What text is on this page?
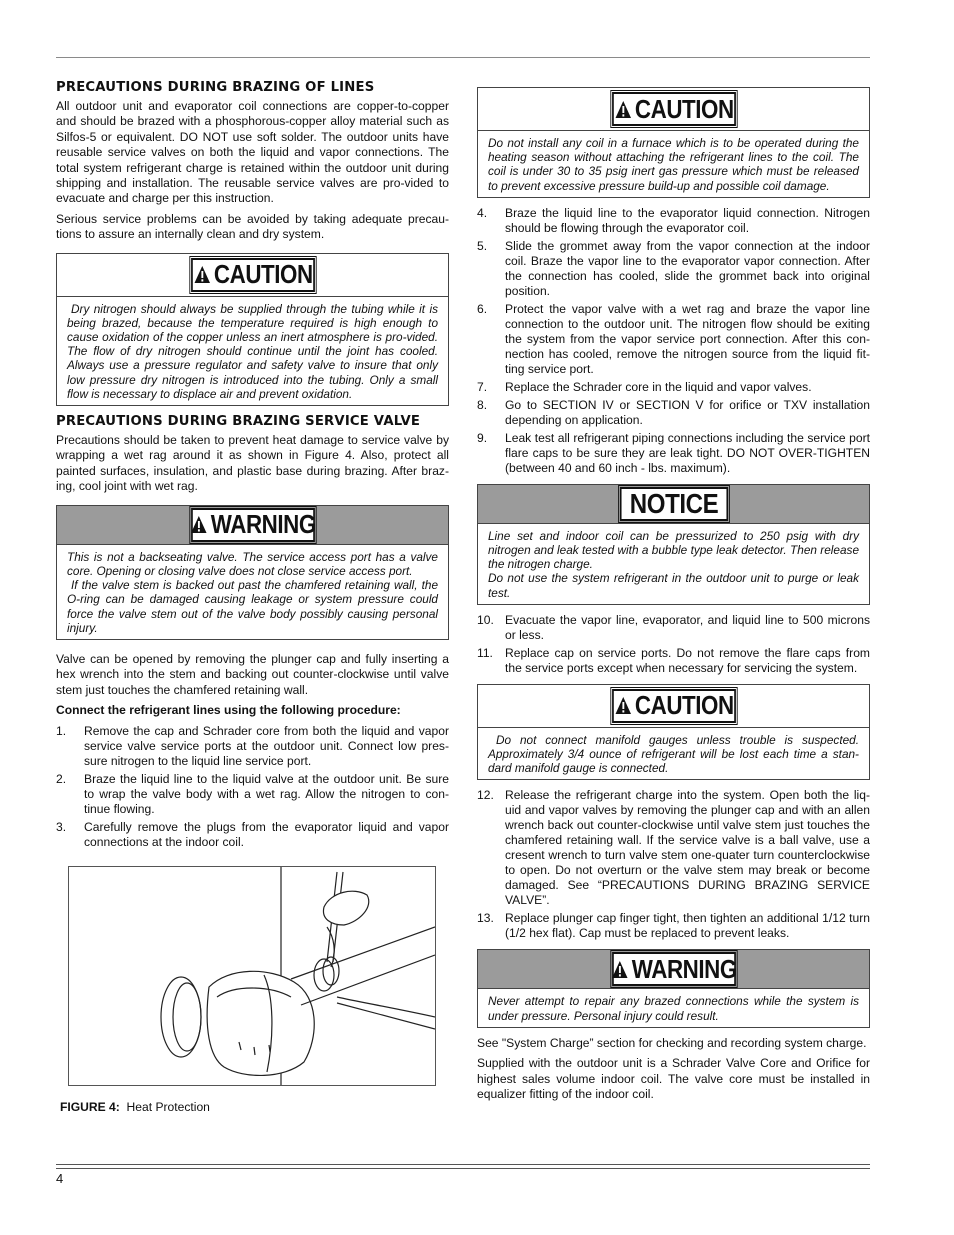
PRECAUTIONS DURING BRAZING OF LINES

All outdoor unit and evaporator coil connections are copper-to-copper and should be brazed with a phosphorous-copper alloy material such as Silfos-5 or equivalent. DO NOT use soft solder. The outdoor units have reusable service valves on both the liquid and vapor connections. The total system refrigerant charge is retained within the outdoor unit during shipping and installation. The reusable service valves are pro-vided to evacuate and charge per this instruction.

Serious service problems can be avoided by taking adequate precau-tions to assure an internally clean and dry system.

CAUTION

Dry nitrogen should always be supplied through the tubing while it is being brazed, because the temperature required is high enough to cause oxidation of the copper unless an inert atmosphere is pro-vided. The flow of dry nitrogen should continue until the joint has cooled. Always use a pressure regulator and safety valve to insure that only low pressure dry nitrogen is introduced into the tubing. Only a small flow is necessary to displace air and prevent oxidation.

PRECAUTIONS DURING BRAZING SERVICE VALVE

Precautions should be taken to prevent heat damage to service valve by wrapping a wet rag around it as shown in Figure 4. Also, protect all painted surfaces, insulation, and plastic base during brazing. After braz-ing, cool joint with wet rag.

WARNING

This is not a backseating valve. The service access port has a valve core. Opening or closing valve does not close service access port.

If the valve stem is backed out past the chamfered retaining wall, the O-ring can be damaged causing leakage or system pressure could force the valve stem out of the valve body possibly causing personal injury.

Valve can be opened by removing the plunger cap and fully inserting a hex wrench into the stem and backing out counter-clockwise until valve stem just touches the chamfered retaining wall.

Connect the refrigerant lines using the following procedure:

1. Remove the cap and Schrader core from both the liquid and vapor service valve service ports at the outdoor unit. Connect low pres-sure nitrogen to the liquid line service port.
2. Braze the liquid line to the liquid valve at the outdoor unit. Be sure to wrap the valve body with a wet rag. Allow the nitrogen to con-tinue flowing.
3. Carefully remove the plugs from the evaporator liquid and vapor connections at the indoor coil.
FIGURE 4: Heat Protection
CAUTION

Do not install any coil in a furnace which is to be operated during the heating season without attaching the refrigerant lines to the coil. The coil is under 30 to 35 psig inert gas pressure which must be released to prevent excessive pressure build-up and possible coil damage.

4. Braze the liquid line to the evaporator liquid connection. Nitrogen should be flowing through the evaporator coil.
5. Slide the grommet away from the vapor connection at the indoor coil. Braze the vapor line to the evaporator vapor connection. After the connection has cooled, slide the grommet back into original position.
6. Protect the vapor valve with a wet rag and braze the vapor line connection to the outdoor unit. The nitrogen flow should be exiting the system from the vapor service port connection. After this con-nection has cooled, remove the nitrogen source from the liquid fit-ting service port.
7. Replace the Schrader core in the liquid and vapor valves.
8. Go to SECTION IV or SECTION V for orifice or TXV installation depending on application.
9. Leak test all refrigerant piping connections including the service port flare caps to be sure they are leak tight. DO NOT OVER-TIGHTEN (between 40 and 60 inch - lbs. maximum).
NOTICE

Line set and indoor coil can be pressurized to 250 psig with dry nitrogen and leak tested with a bubble type leak detector. Then release the nitrogen charge.

Do not use the system refrigerant in the outdoor unit to purge or leak test.

10. Evacuate the vapor line, evaporator, and liquid line to 500 microns or less.
11. Replace cap on service ports. Do not remove the flare caps from the service ports except when necessary for servicing the system.
CAUTION

Do not connect manifold gauges unless trouble is suspected. Approximately 3/4 ounce of refrigerant will be lost each time a stan-dard manifold gauge is connected.

12. Release the refrigerant charge into the system. Open both the liq-uid and vapor valves by removing the plunger cap and with an allen wrench back out counter-clockwise until valve stem just touches the chamfered retaining wall. If the service valve is a ball valve, use a cresent wrench to turn valve stem one-quater turn counterclockwise to open. Do not overturn or the valve stem may break or become damaged. See “PRECAUTIONS DURING BRAZING SERVICE VALVE”.
13. Replace plunger cap finger tight, then tighten an additional 1/12 turn (1/2 hex flat). Cap must be replaced to prevent leaks.
WARNING

Never attempt to repair any brazed connections while the system is under pressure. Personal injury could result.

See "System Charge” section for checking and recording system charge.

Supplied with the outdoor unit is a Schrader Valve Core and Orifice for highest sales volume indoor coil. The valve core must be installed in equalizer fitting of the indoor coil.

4
